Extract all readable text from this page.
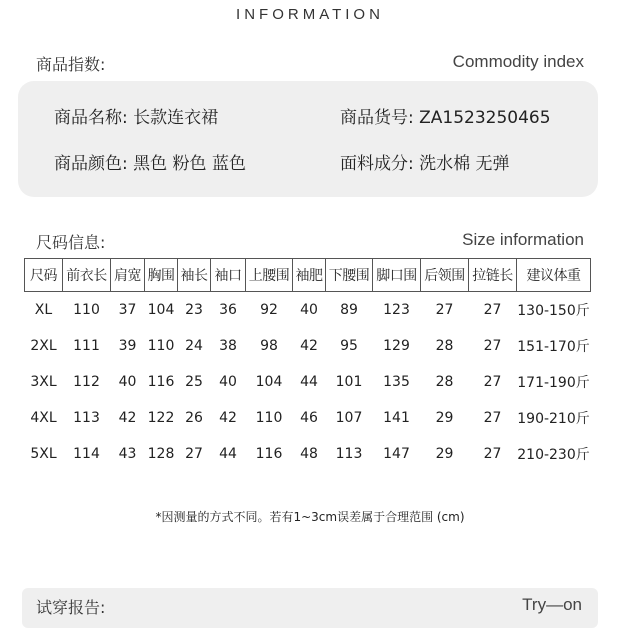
INFORMATION
商品指数:	Commodity index
商品名称: 长款连衣裙	商品货号: ZA1523250465
商品颜色: 黑色 粉色 蓝色	面料成分: 洗水棉 无弹
尺码信息:	Size information
尺码	前衣长	肩宽	胸围	袖长	袖口	上腰围	袖肥	下腰围	脚口围	后领围	拉链长	建议体重
XL	110	37	104	23	36	92	40	89	123	27	27	130-150斤
2XL	111	39	110	24	38	98	42	95	129	28	27	151-170斤
3XL	112	40	116	25	40	104	44	101	135	28	27	171-190斤
4XL	113	42	122	26	42	110	46	107	141	29	27	190-210斤
5XL	114	43	128	27	44	116	48	113	147	29	27	210-230斤
*因测量的方式不同。若有1~3cm误差属于合理范围 (cm)
试穿报告:	Try—on
